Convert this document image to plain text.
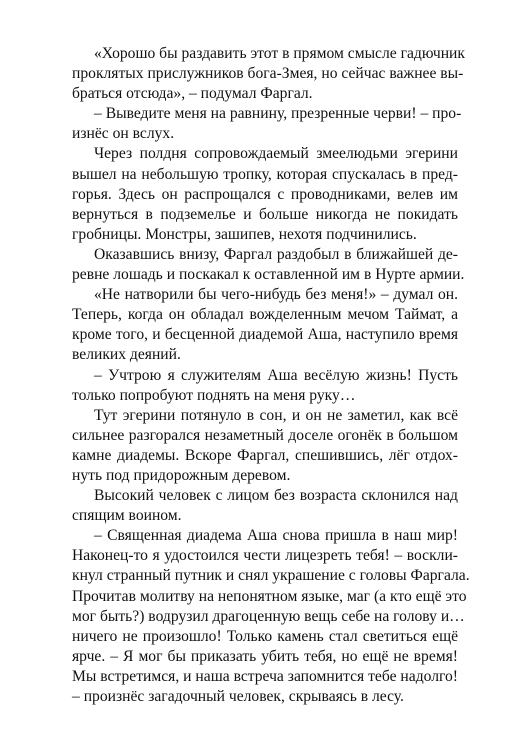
«Хорошо бы раздавить этот в прямом смысле гадючник
проклятых прислужников бога-Змея, но сейчас важнее вы-
браться отсюда», – подумал Фаргал.

– Выведите меня на равнину, презренные черви! – про-
изнёс он вслух.

Через полдня сопровождаемый змеелюдьми эгерини
вышел на небольшую тропку, которая спускалась в пред-
горья. Здесь он распрощался с проводниками, велев им
вернуться в подземелье и больше никогда не покидать
гробницы. Монстры, зашипев, нехотя подчинились.

Оказавшись внизу, Фаргал раздобыл в ближайшей де-
ревне лошадь и поскакал к оставленной им в Нурте армии.

«Не натворили бы чего-нибудь без меня!» – думал он.
Теперь, когда он обладал вожделенным мечом Таймат, а
кроме того, и бесценной диадемой Аша, наступило время
великих деяний.

– Учтрою я служителям Аша весёлую жизнь! Пусть
только попробуют поднять на меня руку…

Тут эгерини потянуло в сон, и он не заметил, как всё
сильнее разгорался незаметный доселе огонёк в большом
камне диадемы. Вскоре Фаргал, спешившись, лёг отдох-
нуть под придорожным деревом.

Высокий человек с лицом без возраста склонился над
спящим воином.

– Священная диадема Аша снова пришла в наш мир!
Наконец-то я удостоился чести лицезреть тебя! – воскли-
кнул странный путник и снял украшение с головы Фаргала.
Прочитав молитву на непонятном языке, маг (а кто ещё это
мог быть?) водрузил драгоценную вещь себе на голову и…
ничего не произошло! Только камень стал светиться ещё
ярче. – Я мог бы приказать убить тебя, но ещё не время!
Мы встретимся, и наша встреча запомнится тебе надолго!
– произнёс загадочный человек, скрываясь в лесу.
